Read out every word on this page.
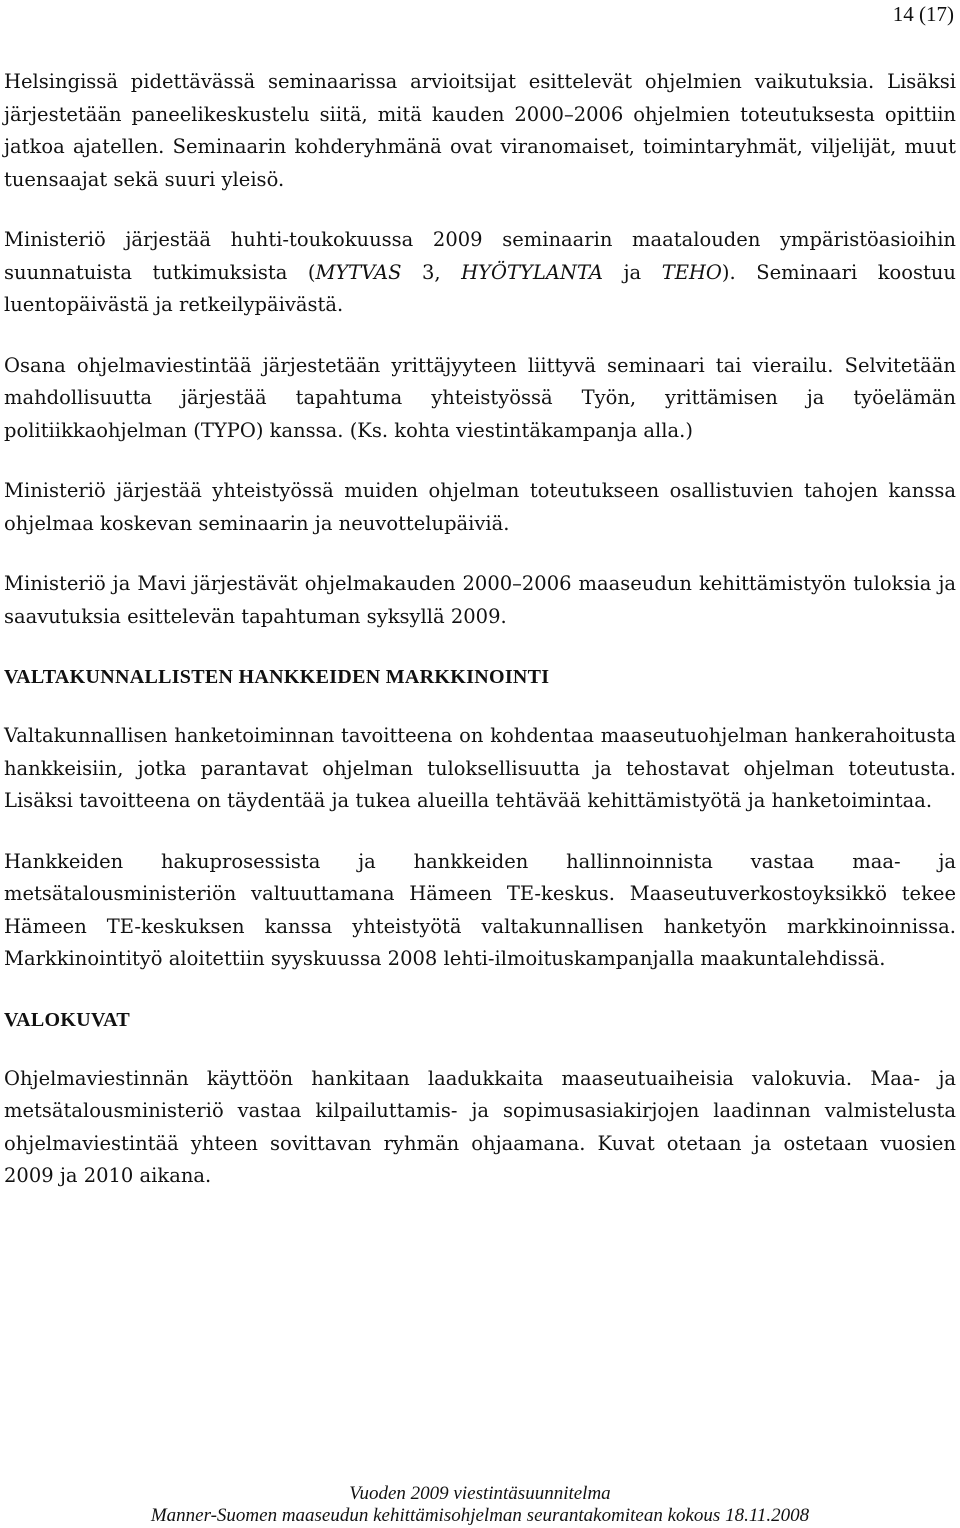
14 (17)

Helsingissä pidettävässä seminaarissa arvioitsijat esittelevät ohjelmien vaikutuksia. Lisäksi järjestetään paneelikeskustelu siitä, mitä kauden 2000–2006 ohjelmien toteutuksesta opittiin jatkoa ajatellen. Seminaarin kohderyhmänä ovat viranomaiset, toimintaryhmät, viljelijät, muut tuensaajat sekä suuri yleisö.

Ministeriö järjestää huhti-toukokuussa 2009 seminaarin maatalouden ympäristöasioihin suunnatuista tutkimuksista (MYTVAS 3, HYÖTYLANTA ja TEHO). Seminaari koostuu luentopäivästä ja retkeilypäivästä.

Osana ohjelmaviestintää järjestetään yrittäjyyteen liittyvä seminaari tai vierailu. Selvitetään mahdollisuutta järjestää tapahtuma yhteistyössä Työn, yrittämisen ja työelämän politiikkaohjelman (TYPO) kanssa. (Ks. kohta viestintäkampanja alla.)

Ministeriö järjestää yhteistyössä muiden ohjelman toteutukseen osallistuvien tahojen kanssa ohjelmaa koskevan seminaarin ja neuvottelupäiviä.

Ministeriö ja Mavi järjestävät ohjelmakauden 2000–2006 maaseudun kehittämistyön tuloksia ja saavutuksia esittelevän tapahtuman syksyllä 2009.

VALTAKUNNALLISTEN HANKKEIDEN MARKKINOINTI

Valtakunnallisen hanketoiminnan tavoitteena on kohdentaa maaseutuohjelman hankerahoitusta hankkeisiin, jotka parantavat ohjelman tuloksellisuutta ja tehostavat ohjelman toteutusta. Lisäksi tavoitteena on täydentää ja tukea alueilla tehtävää kehittämistyötä ja hanketoimintaa.

Hankkeiden hakuprosessista ja hankkeiden hallinnoinnista vastaa maa- ja metsätalousministeriön valtuuttamana Hämeen TE-keskus. Maaseutuverkostoyksikkö tekee Hämeen TE-keskuksen kanssa yhteistyötä valtakunnallisen hanketyön markkinoinnissa. Markkinointityö aloitettiin syyskuussa 2008 lehti-ilmoituskampanjalla maakuntalehdissä.

VALOKUVAT

Ohjelmaviestinnän käyttöön hankitaan laadukkaita maaseutuaiheisia valokuvia. Maa- ja metsätalousministeriö vastaa kilpailuttamis- ja sopimusasiakirjojen laadinnan valmistelusta ohjelmaviestintää yhteen sovittavan ryhmän ohjaamana. Kuvat otetaan ja ostetaan vuosien 2009 ja 2010 aikana.

Vuoden 2009 viestintäsuunnitelma
Manner-Suomen maaseudun kehittämisohjelman seurantakomitean kokous 18.11.2008
